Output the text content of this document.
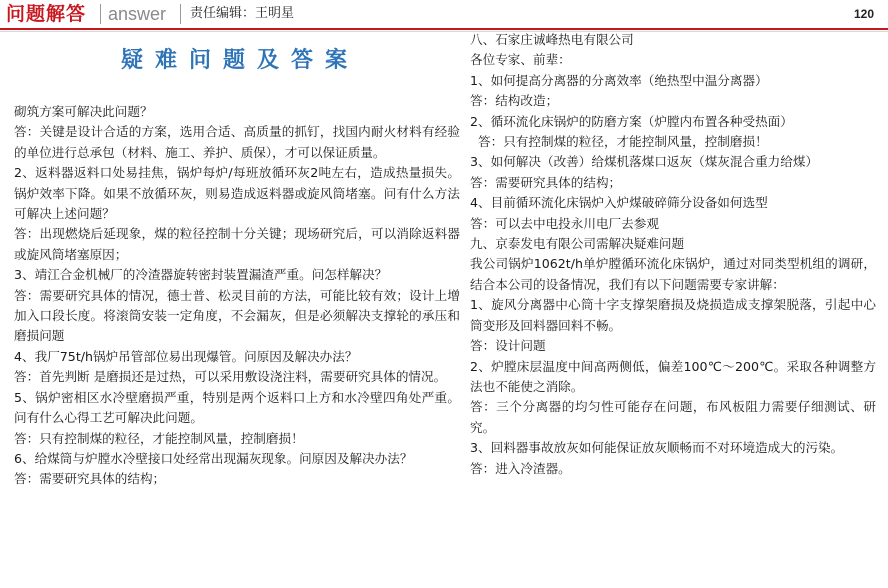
问题解答 answer 责任编辑：王明星	120
疑难问题及答案
砌筑方案可解决此问题？
答：关键是设计合适的方案，选用合适、高质量的抓钉，找国内耐火材料有经验的单位进行总承包（材料、施工、养护、质保），才可以保证质量。
2、返料器返料口处易挂焦，锅炉每炉/每班放循环灰2吨左右，造成热量损失。锅炉效率下降。如果不放循环灰，则易造成返料器或旋风筒堵塞。问有什么方法可解决上述问题？
答：出现燃烧后延现象，煤的粒径控制十分关键；现场研究后，可以消除返料器或旋风筒堵塞原因；
3、靖江合金机械厂的冷渣器旋转密封装置漏渣严重。问怎样解决？
答：需要研究具体的情况，德士普、松灵目前的方法，可能比较有效；设计上增加入口段长度。将滚筒安装一定角度，不会漏灰，但是必须解决支撑轮的承压和磨损问题
4、我厂75t/h锅炉吊管部位易出现爆管。问原因及解决办法？
答：首先判断 是磨损还是过热，可以采用敷设浇注料，需要研究具体的情况。
5、锅炉密相区水冷壁磨损严重，特别是两个返料口上方和水冷壁四角处严重。问有什么心得工艺可解决此问题。
答：只有控制煤的粒径，才能控制风量，控制磨损！
6、给煤筒与炉膛水冷壁接口处经常出现漏灰现象。问原因及解决办法？
答：需要研究具体的结构；
八、石家庄诚峰热电有限公司
各位专家、前辈：
1、如何提高分离器的分离效率（绝热型中温分离器）
答：结构改造；
2、循环流化床锅炉的防磨方案（炉膛内布置各种受热面）
答：只有控制煤的粒径，才能控制风量，控制磨损！
3、如何解决（改善）给煤机落煤口返灰（煤灰混合重力给煤）
答：需要研究具体的结构；
4、目前循环流化床锅炉入炉煤破碎筛分设备如何选型
答：可以去中电投永川电厂去参观
九、京泰发电有限公司需解决疑难问题
我公司锅炉1062t/h单炉膛循环流化床锅炉，通过对同类型机组的调研，结合本公司的设备情况，我们有以下问题需要专家讲解：
1、旋风分离器中心筒十字支撑架磨损及烧损造成支撑架脱落，引起中心筒变形及回料器回料不畅。
答：设计问题
2、炉膛床层温度中间高两侧低，偏差100℃～200℃。采取各种调整方法也不能使之消除。
答：三个分离器的均匀性可能存在问题，布风板阻力需要仔细测试、研究。
3、回料器事故放灰如何能保证放灰顺畅而不对环境造成大的污染。
答：进入冷渣器。
